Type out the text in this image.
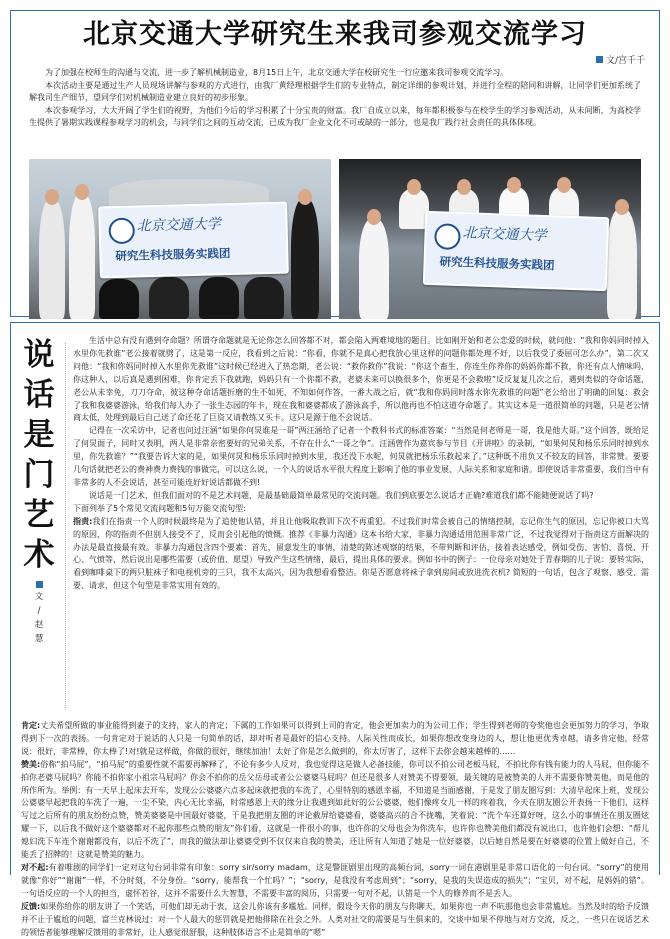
北京交通大学研究生来我司参观交流学习
文/宫千千

为了加强在校师生的沟通与交流，进一步了解机械制造业，8月15日上午，北京交通大学在校研究生一行应邀来我司参观交流学习。

本次活动主要是通过生产人员现场讲解与参观的方式进行，由我厂黄经理根据学生们的专业特点，制定详细的参观计划，并进行全程的陪同和讲解，让同学们更加系统了解我司生产细节，望同学们对机械制造业建立良好的初步形象。

本次参观学习，大大开阔了学生们的视野，为他们今后的学习积累了十分宝贵的财富。我厂自成立以来，每年都积极参与在校学生的学习参观活动，从未间断，为高校学生提供了暑期实践课程参观学习的机会，与同学们之间的互动交流，已成为我厂企业文化不可或缺的一部分，也是我厂践行社会责任的具体体现。

北京交通大学
研究生科技服务实践团
北京交通大学
研究生科技服务实践团
说
话
是
门
艺
术
文
/
赵
慧

生活中总有没有遇到夺命题？所谓夺命题就是无论你怎么回答都不对，都会陷入两难境地的题目。比如刚开始和老公恋爱的时候，就问他：“我和你妈同时掉入水里你先救谁”老公接着就劈了，这是第一反应，我看到之后说：“你看，你就不是真心把我放心里这样的问题你都处理不好，以后我受了委屈可怎么办”，第二次又问他：“我和你妈同时掉入水里你先救谁”这时候已经进入了热恋期，老公说：“救你救你”我说：“你这个畜生，你连生你养你的妈妈你都不救，你还有点人情味吗，你这种人，以后真是遇到困难，你肯定丢下我就跑，妈妈只有一个你都不救，老婆未来可以换很多个，你更是不会救啦”反反复复几次之后，遇到类似的夺命话题，老公从未幸免，刀刀夺命，彼这种夺命话题折磨的生不如死，不知如何作答，一番大战之后，就“我和你妈同时落水你先救谁的问题”老公给出了明确的回复：救会了我和我婆婆游泳，给我们每人办了一张生态园的年卡，现在我和婆婆都成了游泳高手，所以他再也不怕这道夺命题了。其实这本是一道很简单的问题，只是老公情商太低，处理到最后自己送了命还花了巨资又请教练又买卡。这只是源于他不会说话。

记得在一次采访中，记者也问过汪涵“如果你何炅谁是一哥”两汪涵给了记者一个教科书式的标准答案：“当然是何老师是一哥，我是他大哥。”这个回答，既给足了何炅面子，同时又表明，两人是非常亲密要好的兄弟关系，不存在什么“一哥之争”。汪涵曾作为嘉宾参与节目《开讲啦》的录制，“如果何炅和杨乐乐同时掉到水里，你先救谁？”“我要告诉大家的是，如果何炅和杨乐乐同时掉到水里，我还没下水呢，何炅就把杨乐乐救起来了。”这种既不用负又不较友的回答，非常赞。要要几句话就把老公的费神费力费钱的事做完，可以这么说，一个人的说话水平很大程度上影响了他的事业发展、人际关系和家庭和谐。即使说话非常重要，我们当中有非常多的人不会说话，甚至可能连好好说话都做不到!

说话是一门艺术，但我们面对的不是艺术问题，是最基础最简单最常见的交流问题。我们到底要怎么说话才正确?难道我们都不能随便说话了吗?

下面列举了5个常见交流问题和5句万能交流句型:

指责:我们在指责一个人的时候最终是为了追使他认错，并且让他吸取教训下次不再重犯。不过我们时常会被自己的情绪控制，忘记你生气的原因，忘记你被口大骂的原因，你的指责不但别人接受不了，反而会引起他的愤慨。推荐《非暴力沟通》这本书给大家，非暴力沟通适用范围非常广泛，不过我觉得对于指责这方面解决的办法是最直接最有效。非暴力沟通包含四个要素：首先，留意发生的事情，清楚的陈述观察的结果，不带判断和评估，接着表达感受，例如受伤、害怕、喜悦、开心、气愤等，然后说出是哪些需要（或价值、愿望）导致产生这些情绪，最后，提出具体的要求。例如书中的例子：一位母亲对她处于青春期的儿子说：要转实际，看到咖啡桌下的两只脏袜子和电视机旁的三只，我不太高兴，因为我想看看整洁。你是否愿意将袜子拿到房间或放进洗衣机? 简短的一句话，包含了观察、感受、需要、请求，但这个句型是非常实用有效的。

肯定:丈夫希望所做的事业能得到妻子的支持，家人的肯定；下属的工作如果可以得到上司的肯定，他会更加卖力的为公司工作；学生得到老师的夸奖他也会更加努力的学习，争取得到下一次的表扬。一句肯定对于说话的人只是一句简单的话，却对听者是最好的信心支持。人际关性而成长，如果你想改变身边的人，想让他更优秀卓越，请多肯定他，经常说：很好，非常棒，你太棒了!对!就是这样做，你做的很好，继续加油！太好了你是怎么做到的，你太厉害了，这样下去你会越来越棒的……

赞美:俗称“拍马屁”，“拍马屁”的重要性就不需要再解释了，不论有多少人反对，我也觉得这是做人必备技能，你可以不拍公司老板马屁，不拍比你有钱有能力的人马屁，但你能不拍你老婆马屁吗？你能不拍你家小祖宗马屁吗？你会不拍你的岳父岳母或者公公婆婆马屁吗？但还是很多人对赞美不得要领，最关键的是被赞美的人并不需要你赞美他，而是他的所作所为。举例：有一天早上起床去开车，发现公公婆婆六点多起床就把我的车洗了，心里特别的感恩幸福，不知道是当面感谢，于是发了朋友圈写到：大清早起床上班，发现公公婆婆早起把我的车洗了一遍，一尘不染，内心无比幸福，时常感恩上天的缘分让我遇到如此好的公公婆婆，他们像疼女儿一样的疼着我，今天在朋友圈公开表扬一下他们，这样写过之后所有的朋友纷纷点赞，赞美婆婆是中国最好婆婆，于是我把朋友圈的评论截屏给婆婆看，婆婆高兴的合不拢嘴，笑着说：“洗个车还算好呀，这么小的事情还在朋友圈炫耀一下，以后我不做好这个婆婆都对不起你那些点赞的朋友”你们看，这就是一件很小的事，也许你的父母也会为你洗车，也许你也赞美他们都没有说出口，也许他们会想：“帮儿媳妇洗下车连个谢谢都没有，以后不洗了”，而我的做法却让婆婆受到不仅仅来自我的赞美，还让所有人知道了她是一位好婆婆，以后她自然是要在好婆婆的位置上做好自己，不能丢了招牌的！这就是赞美的魅力。

对不起:有着唯剧的同学们一定对这句台词非常有印象：sorry sir/sorry madam，这是警匪剧里出现的高频台词，sorry一词在港剧里是非常口语化的一句台词。“sorry”的使用就像“你好”“谢谢”一样，不分时刻，不分身份。“sorry，能帮我一个忙吗？”；“sorry，是我没有考虑周到”；“sorry，是我的失误造成的损失”；“宝贝，对不起，是妈妈的错”。一句语反应的一个人的担当，虚怀若谷，这并不需要什么大智慧，不需要丰富的阅历，只需要一句对不起，认错是一个人的修养而不是丢人。

反馈:如果你给你的朋友讲了一个笑话，可他们却无动于衷，这会儿你该有多尴尬。同样，假设今天你的朋友与你聊天，如果你也一声不吭那他也会非常尴尬。当然及时的给予反馈并不止于尴尬的问题，富兰克林说过：对一个人最大的惩罚就是把他排除在社会之外。人类对社交的需要是与生俱来的，交谈中如果不停地与对方交流，反之，一些只在说话艺术的领悟者能够理解反馈用的非常好，让人感觉很舒服，这种肢体语言不止是简单的“嗯”
